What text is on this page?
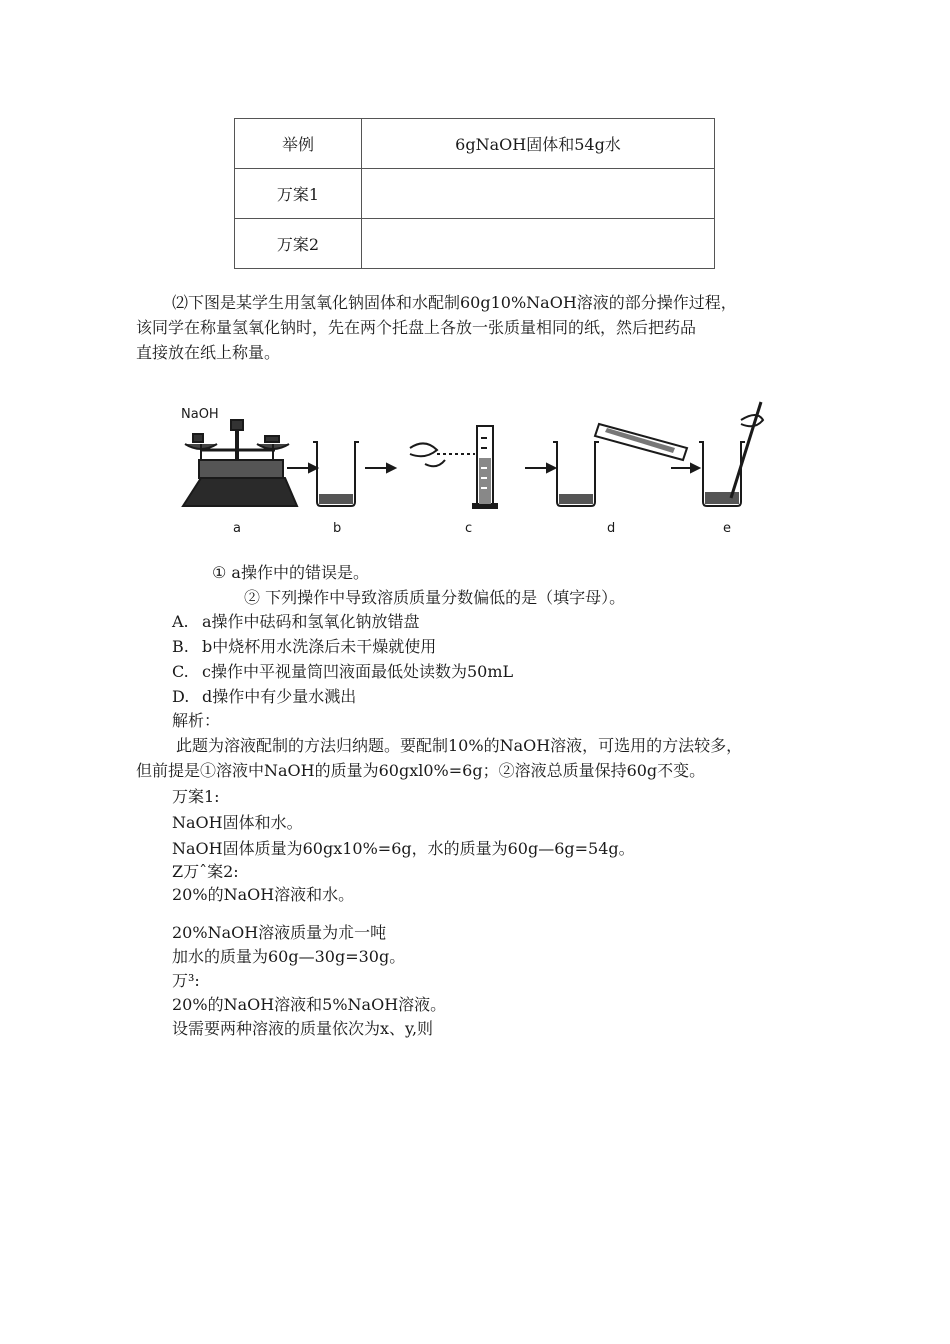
举例	6gNaOH固体和54g水
万案1	
万案2	
⑵下图是某学生用氢氧化钠固体和水配制60g10%NaOH溶液的部分操作过程，
该同学在称量氢氧化钠时，先在两个托盘上各放一张质量相同的纸，然后把药品
直接放在纸上称量。
NaOH
a	b	c	d	e
① a操作中的错误是。
② 下列操作中导致溶质质量分数偏低的是（填字母）。
A. a操作中砝码和氢氧化钠放错盘
B. b中烧杯用水洗涤后未干燥就使用
C. c操作中平视量筒凹液面最低处读数为50mL
D. d操作中有少量水溅出
解析：
此题为溶液配制的方法归纳题。要配制10%的NaOH溶液，可选用的方法较多，
但前提是①溶液中NaOH的质量为60gxl0%=6g；②溶液总质量保持60g不变。
万案1:
NaOH固体和水。
NaOH固体质量为60gx10%=6g，水的质量为60g—6g=54g。
Z万ˆ案2:
20%的NaOH溶液和水。
20%NaOH溶液质量为朮一吨
加水的质量为60g—30g=30g。
万³:
20%的NaOH溶液和5%NaOH溶液。
设需要两种溶液的质量依次为x、y,则
